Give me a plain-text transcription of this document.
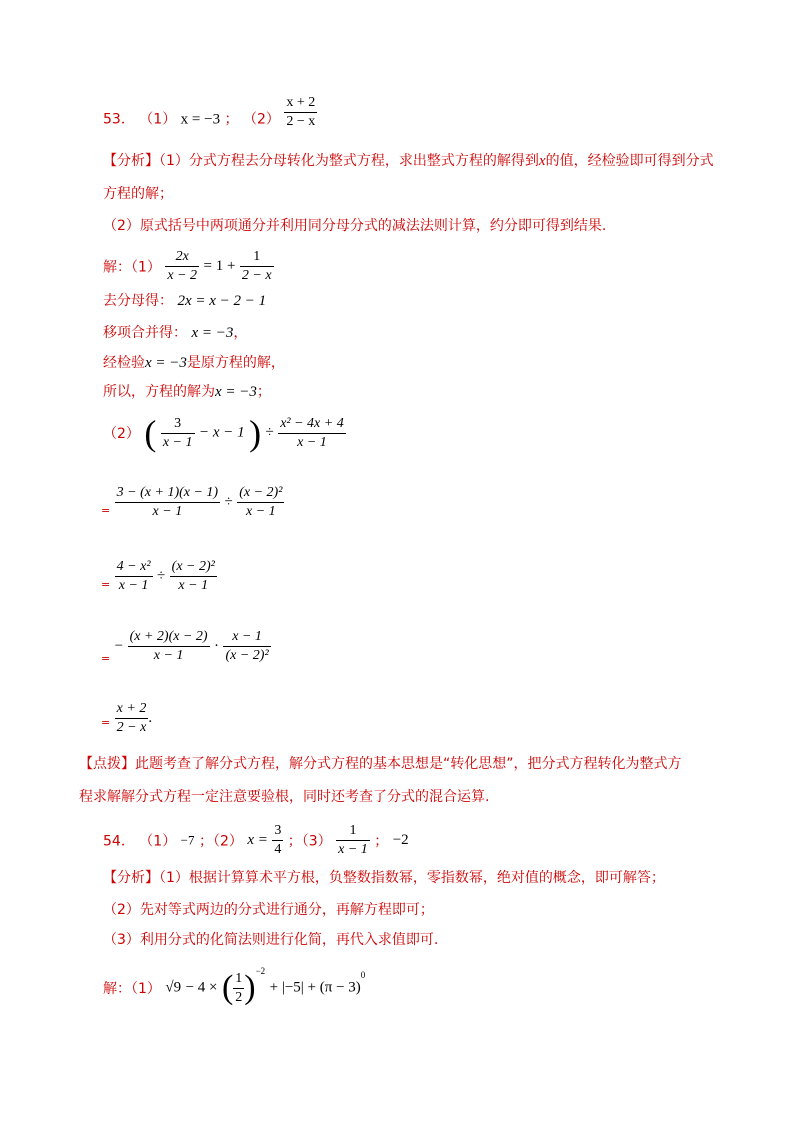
53． （1） x = −3 ； $(2) \frac{x + 2}{2 - x}$
【分析】（1）分式方程去分母转化为整式方程，求出整式方程的解得到x的值，经检验即可得到分式
方程的解；
（2）原式括号中两项通分并利用同分母分式的减法法则计算，约分即可得到结果.
解：$(1) \frac{2x}{x - 2} = 1 + \frac{1}{2 - x}$
去分母得： 2x = x − 2 − 1
移项合并得： x = −3，
经检验x = −3是原方程的解，
所以，方程的解为x = −3；
（2） ( $\frac{3}{x - 1} - x - 1$ ) ÷ $\frac{\text{x² − 4x + 4}}{x - 1}$
$_= \frac{3 - (x + 1)(x - 1)}{x - 1} \div \frac{\text{(x − 2)²}}{x - 1}$
$_= \frac{\text{4 − x²}}{x - 1} \div \frac{\text{(x − 2)²}}{x - 1}$
$_= - \frac{(x + 2)(x - 2)}{x - 1} \cdot \frac{x - 1}{\text{(x − 2)²}}$
$_= \frac{x + 2}{2 - x}$ .
【点拨】此题考查了解分式方程，解分式方程的基本思想是“转化思想”，把分式方程转化为整式方
程求解解分式方程一定注意要验根，同时还考查了分式的混合运算.
54． （1） −7 ；（2） $x = \frac{3}{4}$ ；$(3) \frac{1}{x - 1}$ ； −2
【分析】（1）根据计算算术平方根，负整数指数幂，零指数幂，绝对值的概念，即可解答；
（2）先对等式两边的分式进行通分，再解方程即可；
（3）利用分式的化简法则进行化简，再代入求值即可.
解：（1） √9 − 4 × ( $\frac{1}{2} )^{-2} + |-5| + (\pi - 3)^0$
